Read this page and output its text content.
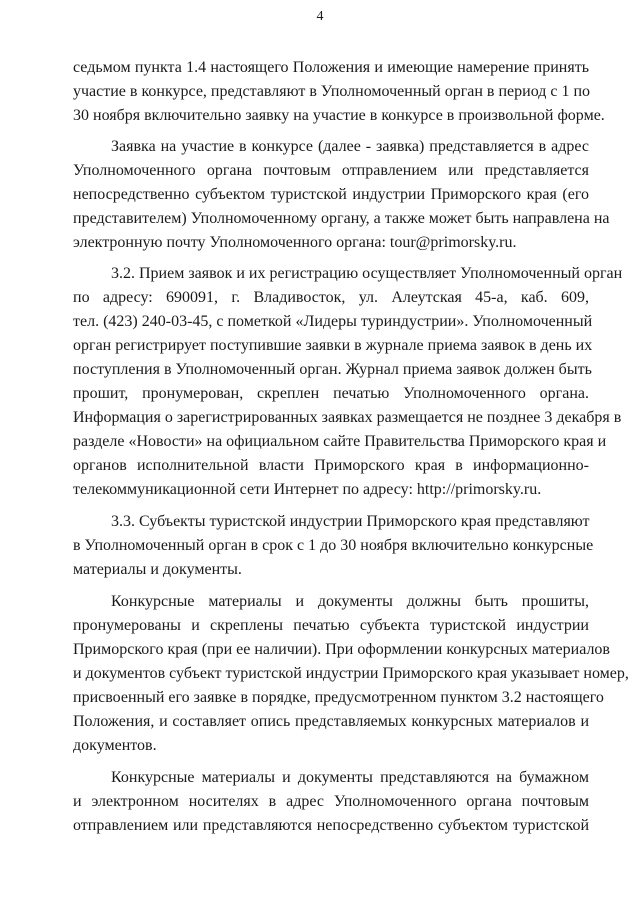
4
седьмом пункта 1.4 настоящего Положения и имеющие намерение принять
участие в конкурсе, представляют в Уполномоченный орган в период с 1 по
30 ноября включительно заявку на участие в конкурсе в произвольной форме.
Заявка на участие в конкурсе (далее - заявка) представляется в адрес
Уполномоченного органа почтовым отправлением или представляется
непосредственно субъектом туристской индустрии Приморского края (его
представителем) Уполномоченному органу, а также может быть направлена на
электронную почту Уполномоченного органа: tour@primorsky.ru.
3.2. Прием заявок и их регистрацию осуществляет Уполномоченный орган
по адресу: 690091, г. Владивосток, ул. Алеутская 45-а, каб. 609,
тел. (423) 240-03-45, с пометкой «Лидеры туриндустрии». Уполномоченный
орган регистрирует поступившие заявки в журнале приема заявок в день их
поступления в Уполномоченный орган. Журнал приема заявок должен быть
прошит, пронумерован, скреплен печатью Уполномоченного органа.
Информация о зарегистрированных заявках размещается не позднее 3 декабря в
разделе «Новости» на официальном сайте Правительства Приморского края и
органов исполнительной власти Приморского края в информационно-
телекоммуникационной сети Интернет по адресу: http://primorsky.ru.
3.3. Субъекты туристской индустрии Приморского края представляют
в Уполномоченный орган в срок с 1 до 30 ноября включительно конкурсные
материалы и документы.
Конкурсные материалы и документы должны быть прошиты,
пронумерованы и скреплены печатью субъекта туристской индустрии
Приморского края (при ее наличии). При оформлении конкурсных материалов
и документов субъект туристской индустрии Приморского края указывает номер,
присвоенный его заявке в порядке, предусмотренном пунктом 3.2 настоящего
Положения, и составляет опись представляемых конкурсных материалов и
документов.
Конкурсные материалы и документы представляются на бумажном
и электронном носителях в адрес Уполномоченного органа почтовым
отправлением или представляются непосредственно субъектом туристской
